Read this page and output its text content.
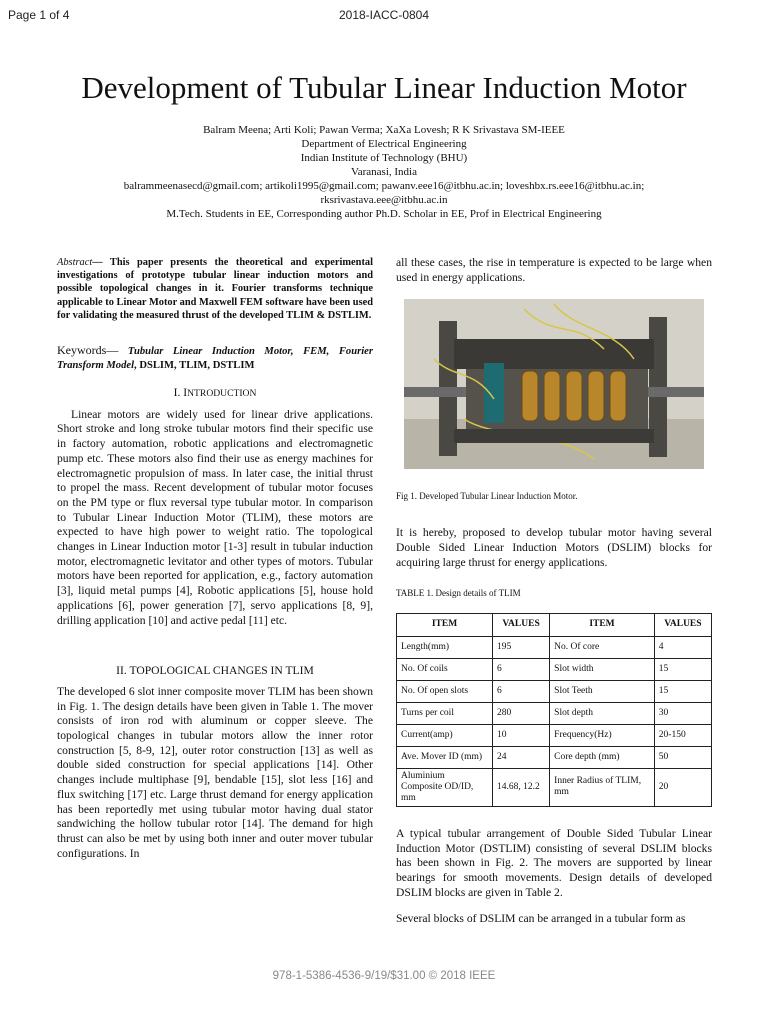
Page 1 of 4	2018-IACC-0804
Development of Tubular Linear Induction Motor
Balram Meena; Arti Koli; Pawan Verma; XaXa Lovesh; R K Srivastava SM-IEEE
Department of Electrical Engineering
Indian Institute of Technology (BHU)
Varanasi, India
balrammeenasecd@gmail.com; artikoli1995@gmail.com; pawanv.eee16@itbhu.ac.in; loveshbx.rs.eee16@itbhu.ac.in;
rksrivastava.eee@itbhu.ac.in
M.Tech. Students in EE, Corresponding author Ph.D. Scholar in EE, Prof in Electrical Engineering

Abstract— This paper presents the theoretical and experimental investigations of prototype tubular linear induction motors and possible topological changes in it. Fourier transforms technique applicable to Linear Motor and Maxwell FEM software have been used for validating the measured thrust of the developed TLIM & DSTLIM.

Keywords— Tubular Linear Induction Motor, FEM, Fourier Transform Model, DSLIM, TLIM, DSTLIM

I. INTRODUCTION

Linear motors are widely used for linear drive applications. Short stroke and long stroke tubular motors find their specific use in factory automation, robotic applications and electromagnetic pump etc. These motors also find their use as energy machines for electromagnetic propulsion of mass. In later case, the initial thrust to propel the mass. Recent development of tubular motor focuses on the PM type or flux reversal type tubular motor. In comparison to Tubular Linear Induction Motor (TLIM), these motors are expected to have high power to weight ratio. The topological changes in Linear Induction motor [1-3] result in tubular induction motor, electromagnetic levitator and other types of motors. Tubular motors have been reported for application, e.g., factory automation [3], liquid metal pumps [4], Robotic applications [5], house hold applications [6], power generation [7], servo applications [8, 9], drilling application [10] and active pedal [11] etc.

II. TOPOLOGICAL CHANGES IN TLIM

The developed 6 slot inner composite mover TLIM has been shown in Fig. 1. The design details have been given in Table 1. The mover consists of iron rod with aluminum or copper sleeve. The topological changes in tubular motors allow the inner rotor construction [5, 8-9, 12], outer rotor construction [13] as well as double sided construction for special applications [14]. Other changes include multiphase [9], bendable [15], slot less [16] and flux switching [17] etc. Large thrust demand for energy application has been reportedly met using tubular motor having dual stator sandwiching the hollow tubular rotor [14]. The demand for high thrust can also be met by using both inner and outer mover tubular configurations. In

all these cases, the rise in temperature is expected to be large when used in energy applications.

Fig 1. Developed Tubular Linear Induction Motor.

It is hereby, proposed to develop tubular motor having several Double Sided Linear Induction Motors (DSLIM) blocks for acquiring large thrust for energy applications.

TABLE 1. Design details of TLIM

ITEM	VALUES	ITEM	VALUES
Length(mm)	195	No. Of core	4
No. Of coils	6	Slot width	15
No. Of open slots	6	Slot Teeth	15
Turns per coil	280	Slot depth	30
Current(amp)	10	Frequency(Hz)	20-150
Ave. Mover ID (mm)	24	Core depth (mm)	50
Aluminium Composite OD/ID, mm	14.68, 12.2	Inner Radius of TLIM, mm	20

A typical tubular arrangement of Double Sided Tubular Linear Induction Motor (DSTLIM) consisting of several DSLIM blocks has been shown in Fig. 2. The movers are supported by linear bearings for smooth movements. Design details of developed DSLIM blocks are given in Table 2.

Several blocks of DSLIM can be arranged in a tubular form as

978-1-5386-4536-9/19/$31.00 © 2018 IEEE
